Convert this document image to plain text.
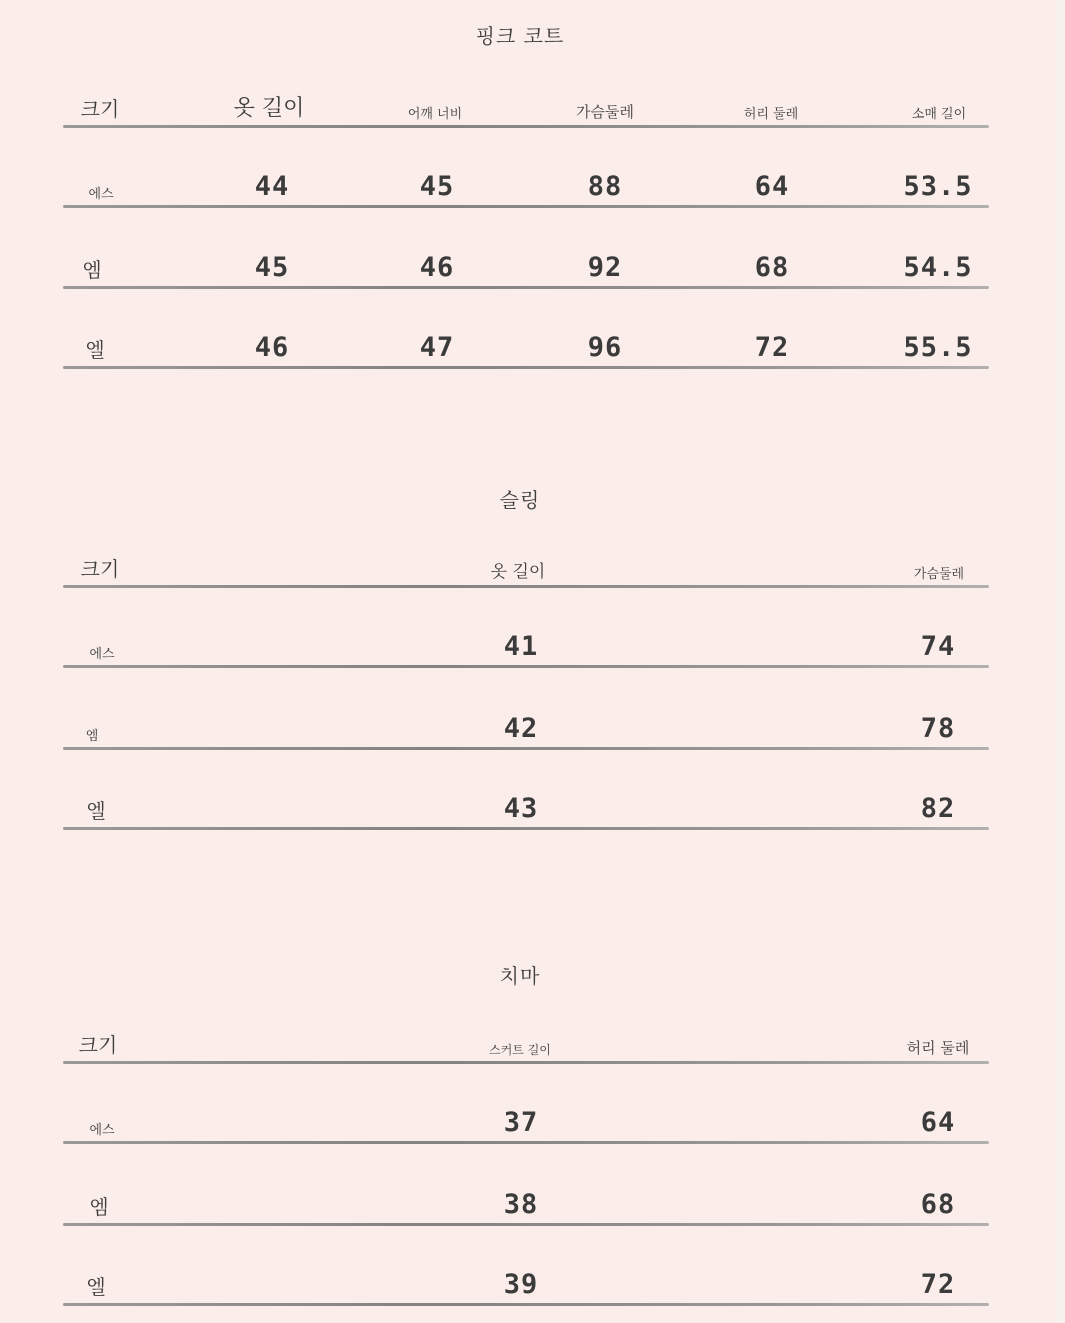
핑크 코트
크기	옷 길이	어깨 너비	가슴둘레	허리 둘레	소매 길이
에스	44	45	88	64	53.5
엠	45	46	92	68	54.5
엘	46	47	96	72	55.5
슬링
크기	옷 길이	가슴둘레
에스	41	74
엠	42	78
엘	43	82
치마
크기	스커트 길이	허리 둘레
에스	37	64
엠	38	68
엘	39	72
